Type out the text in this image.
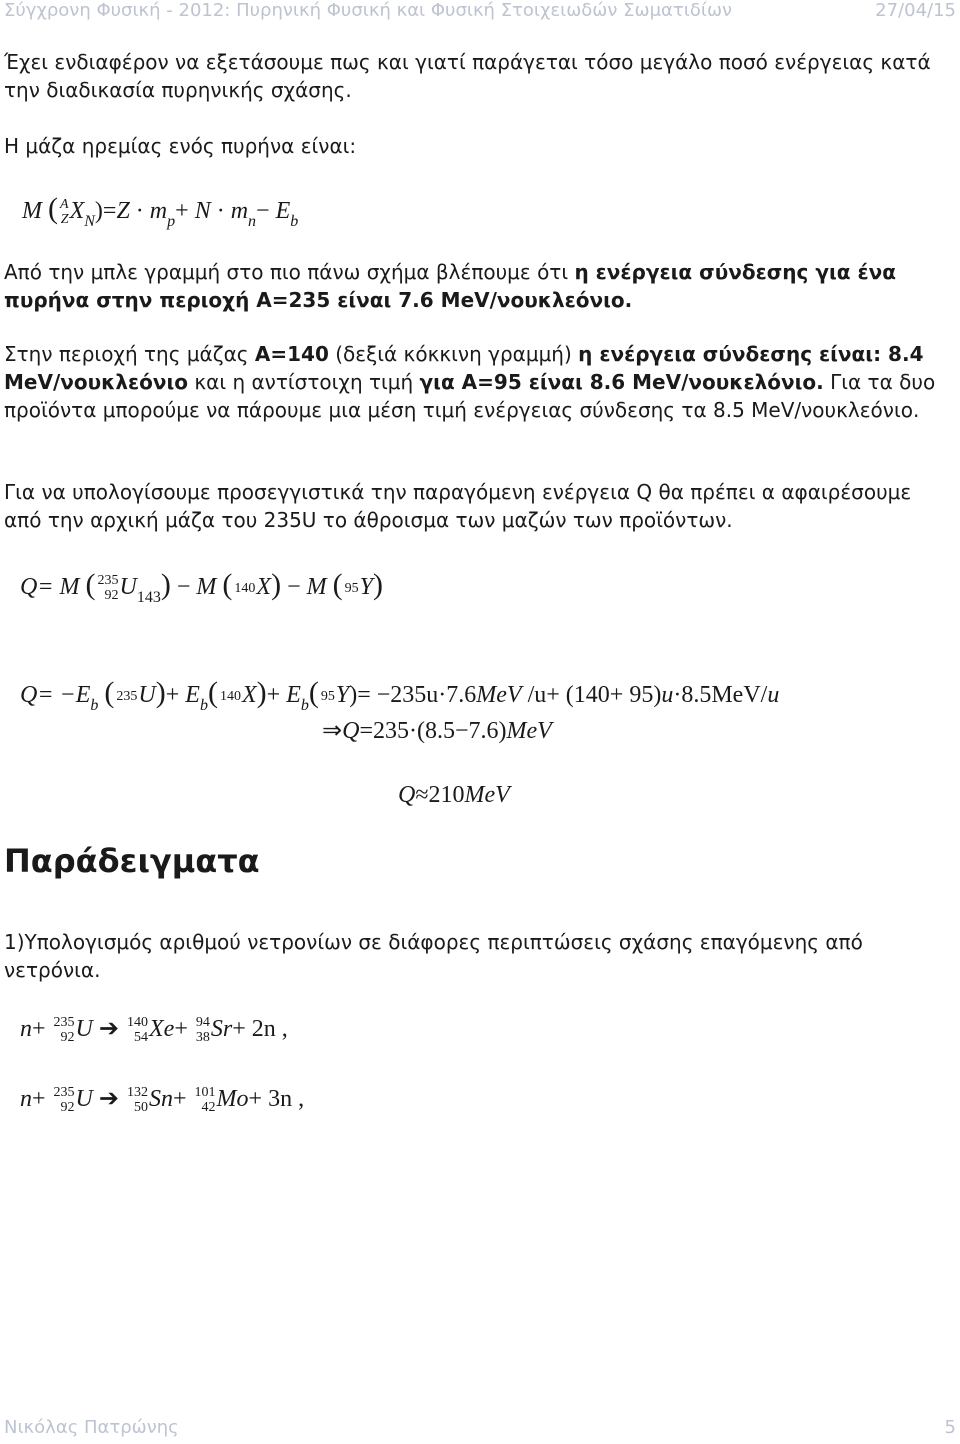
Σύγχρονη Φυσική - 2012: Πυρηνική Φυσική και Φυσική Στοιχειωδών Σωματιδίων	27/04/15
Έχει ενδιαφέρον να εξετάσουμε πως και γιατί παράγεται τόσο μεγάλο ποσό ενέργειας κατά την διαδικασία πυρηνικής σχάσης.
Η μάζα ηρεμίας ενός πυρήνα είναι:
M ( A
Z $X_N)=Z \cdot m_p+ N \cdot m_n- E_b$
Από την μπλε γραμμή στο πιο πάνω σχήμα βλέπουμε ότι η ενέργεια σύνδεσης για ένα πυρήνα στην περιοχή A=235 είναι 7.6 MeV/νουκλεόνιο.
Στην περιοχή της μάζας A=140 (δεξιά κόκκινη γραμμή) η ενέργεια σύνδεσης είναι: 8.4 MeV/νουκλεόνιο και η αντίστοιχη τιμή για A=95 είναι 8.6 MeV/νουκελόνιο. Για τα δυο προϊόντα μπορούμε να πάρουμε μια μέση τιμή ενέργειας σύνδεσης τα 8.5 MeV/νουκλεόνιο.
Για να υπολογίσουμε προσεγγιστικά την παραγόμενη ενέργεια Q θα πρέπει α αφαιρέσουμε από την αρχική μάζα του 235U το άθροισμα των μαζών των προϊόντων.
Q= M ( 235
92 $U_{143}) - M$ ( 140 X) − M ( 95 Y)
$Q= -E_b$ ( 235 $U)+ E_b$( 140 $X)+ E_b$( 95 Y)= −235u·7.6MeV /u+ (140+ 95)u·8.5MeV/u
⇒Q=235·(8.5−7.6)MeV
Q≈210MeV
Παράδειγματα
1)Υπολογισμός αριθμού νετρονίων σε διάφορες περιπτώσεις σχάσης επαγόμενης από νετρόνια.
n+ 235
92 U ➔ 140
54 Xe+ 94
38 Sr+ 2n ,
n+ 235
92 U ➔ 132
50 Sn+ 101
42 Mo+ 3n ,
Νικόλας Πατρώνης	5
